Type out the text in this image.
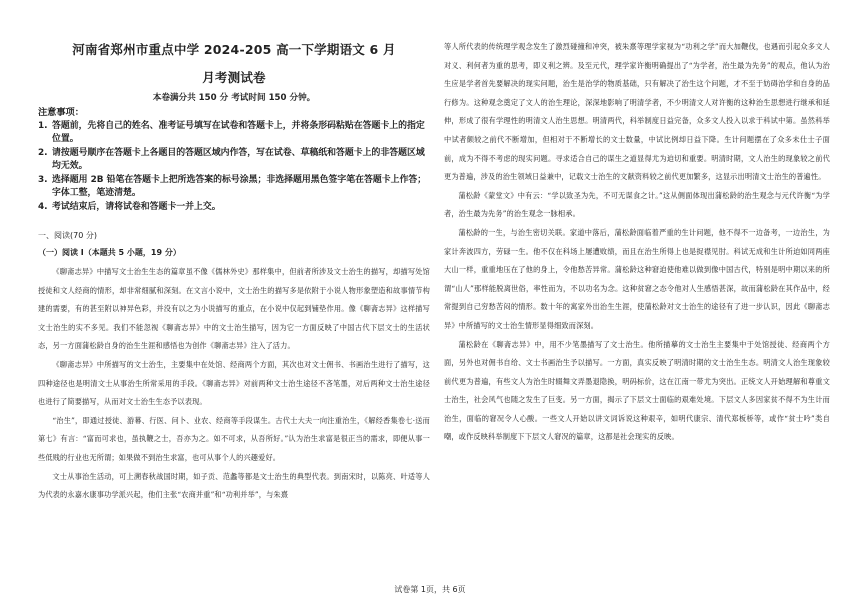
河南省郑州市重点中学 2024-205 高一下学期语文 6 月
月考测试卷
本卷满分共 150 分 考试时间 150 分钟。
注意事项：
1. 答题前，先将自己的姓名、准考证号填写在试卷和答题卡上，并将条形码粘贴在答题卡上的指定位置。
2. 请按题号顺序在答题卡上各题目的答题区域内作答，写在试卷、草稿纸和答题卡上的非答题区域均无效。
3. 选择题用 2B 铅笔在答题卡上把所选答案的标号涂黑；非选择题用黑色签字笔在答题卡上作答；字体工整，笔迹清楚。
4. 考试结束后，请将试卷和答题卡一并上交。
一、阅读(70 分)
（一）阅读 I（本题共 5 小题，19 分）
《聊斋志异》中描写文士治生生态的篇章虽不像《儒林外史》那样集中，但前者所涉及文士治生的描写，却描写处馆授徒和文人经商的情形，却非常细腻和深刻。在文言小说中，文士治生的描写多是依附于小说人物形象塑造和故事情节构建的需要，有的甚至附以神异色彩，并没有以之为小说描写的重点，在小说中仅起到铺垫作用。像《聊斋志异》这样描写文士治生的实不多见。我们不能忽视《聊斋志异》中的文士治生描写，因为它一方面反映了中国古代下层文士的生活状态，另一方面蒲松龄自身的治生生涯和感悟也为创作《聊斋志异》注入了活力。
《聊斋志异》中所描写的文士治生，主要集中在处馆、经商两个方面，其次也对文士佣书、书画治生进行了描写，这四种途径也是明清文士从事治生所常采用的手段。《聊斋志异》对前两种文士治生途径不吝笔墨，对后两种文士治生途径也进行了简要描写，从而对文士治生生态予以表现。
“治生”，即通过授徒、游幕、行医、问卜、业农、经商等手段谋生。古代士大夫一向注重治生，《解经香集卷七·送而第七》有言：“富而可求也，虽执鞭之士，吾亦为之。如不可求，从吾所好。”认为治生求富是很正当的需求，即便从事一些低贱的行业也无所谓；如果做不到治生求富，也可从事个人的兴趣爱好。
文士从事治生活动，可上溯春秋战国时期，如子贡、范蠡等都是文士治生的典型代表。到南宋时，以陈亮、叶适等人为代表的永嘉水康事功学派兴起，他们主张“农商并重”和“功利并举”，与朱熹
等人所代表的传统理学观念发生了激烈碰撞和冲突，被朱熹等理学家视为“功利之学”而大加鞭伐，也遇而引起众多文人对义、利何者为重的思考，即义利之辨。及至元代，理学家许衡明确提出了“为学者，治生最为先务”的观点，他认为治生应是学者首先要解决的现实问题，治生是治学的物质基础，只有解决了治生这个问题，才不至于妨碍治学和自身的品行修为。这种观念奠定了文人的治生理论，深深地影响了明清学者，不少明清文人对许衡的这种治生思想进行继承和延伸，形成了很有学理性的明清文人治生思想。明清两代，科举制度日益完备，众多文人投入以求于科试中第。虽然科举中试者颇较之前代不断增加，但相对于不断增长的文士数量，中试比例却日益下降。生计问题摆在了众多未仕士子面前，成为不得不考虑的现实问题。寻求适合自己的谋生之道显得尤为迫切和重要。明清时期，文人治生的现象较之前代更为普遍，涉及的治生领域日益兼中，记载文士治生的文献资料较之前代更加繁多，这显示出明清文士治生的普遍性。
蒲松龄《蒙堂文》中有云：“学以致圣为先，不可无谋食之计。”这从侧面体现出蒲松龄的治生观念与元代许衡“为学者，治生最为先务”的治生观念一脉相承。
蒲松龄的一生，与治生密切关联。家道中落后，蒲松龄面临着严重的生计问题，他不得不一边备考，一边治生，为家计奔波四方，劳碌一生。他不仅在科场上屡遭败绩，而且在治生所得上也是捉襟见肘。科试无成和生计所迫如同两座大山一样，重重地压在了他的身上，令他愁苦异常。蒲松龄这种窘迫使他难以做到像中国古代，特别是明中期以来的所谓“山人”那样能脱离世俗，率性而为，不以功名为念。这种贫窘之态令他对人生感悟甚深，故而蒲松龄在其作品中，经常提到自己穷愁苦闷的情形。数十年的寓家外出治生生涯，使蒲松龄对文士治生的途径有了进一步认识，因此《聊斋志异》中所描写的文士治生情形显得细致而深刻。
蒲松龄在《聊斋志异》中，用不少笔墨描写了文士治生。他所描摹的文士治生主要集中于处馆授徒、经商两个方面，另外也对佣书自给、文士书画治生予以描写。一方面，真实反映了明清时期的文士治生生态。明清文人治生现象较前代更为普遍，有些文人为治生时辍舞文弄墨退隐换，明码标价，这在江南一带尤为突出。正统文人开始理解和尊重文士治生，社会风气也随之发生了巨变。另一方面，揭示了下层文士面临的艰难处境。下层文人多因家贫不得不为生计而治生，面临的窘况令人心酸。一些文人开始以讲文词诉说这种艰辛，如明代康宗、清代郑板桥等，或作“贫士吟”类自嘲，或作反映科举制度下下层文人窘况的篇章，这都是社会现实的反映。
试卷第 1页，共 6页
